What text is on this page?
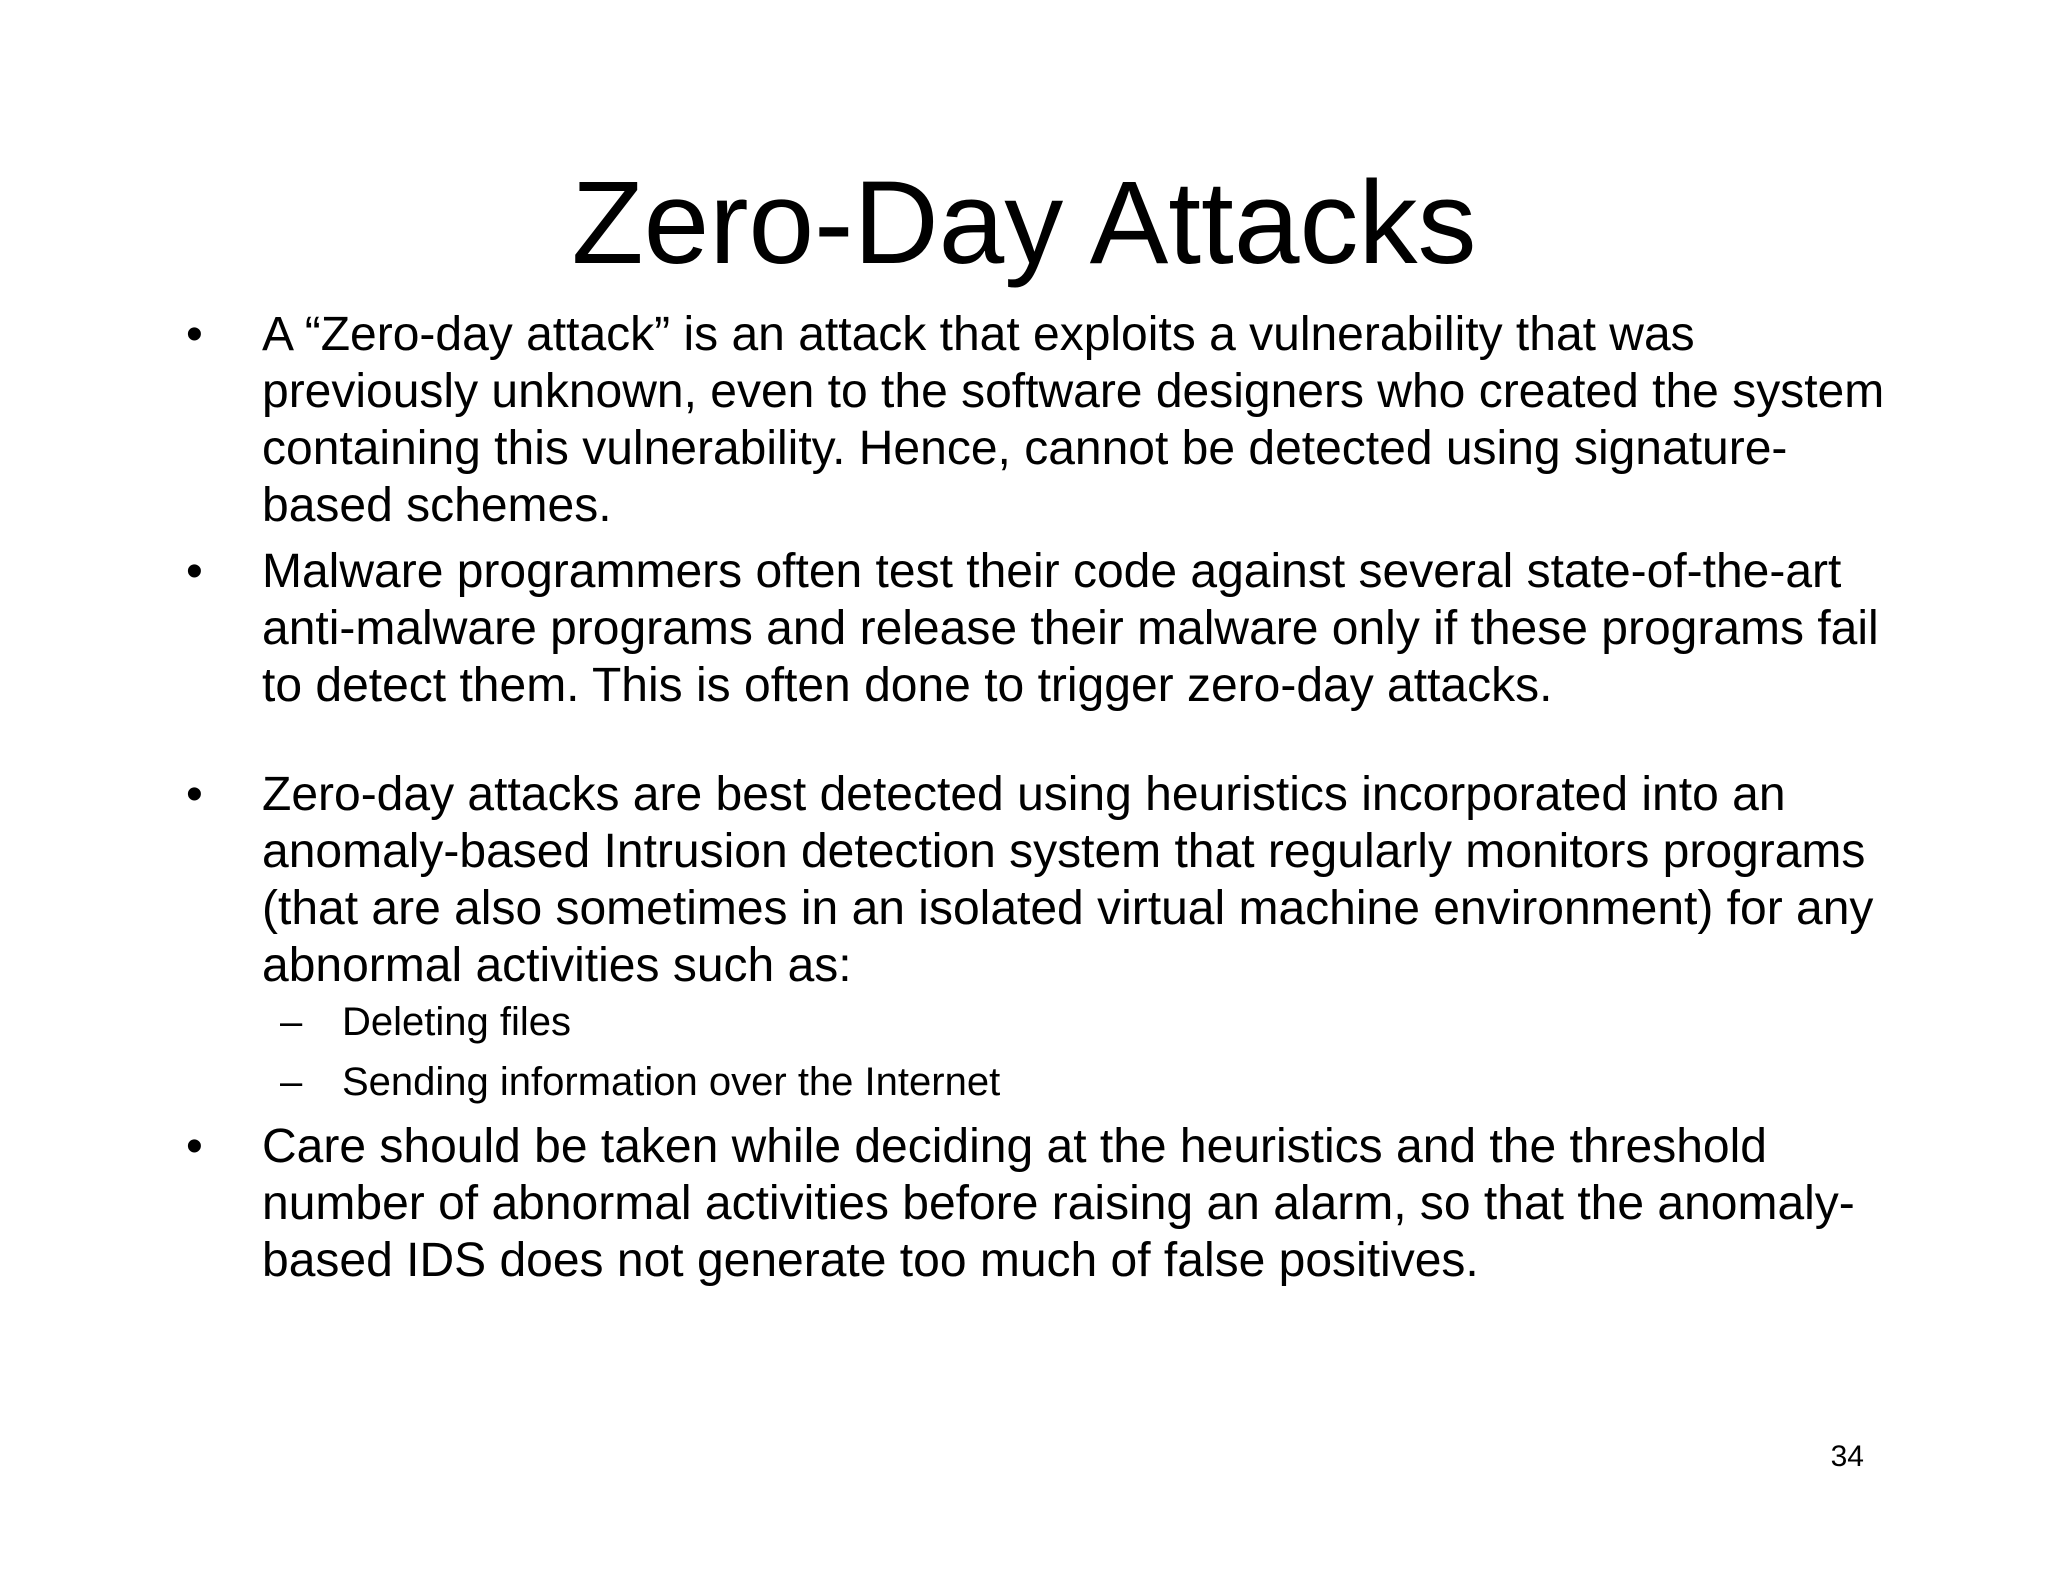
Zero-Day Attacks
•	A “Zero-day attack” is an attack that exploits a vulnerability that was previously unknown, even to the software designers who created the system containing this vulnerability. Hence, cannot be detected using signature-based schemes.
•	Malware programmers often test their code against several state-of-the-art anti-malware programs and release their malware only if these programs fail to detect them. This is often done to trigger zero-day attacks.
•	Zero-day attacks are best detected using heuristics incorporated into an anomaly-based Intrusion detection system that regularly monitors programs (that are also sometimes in an isolated virtual machine environment) for any abnormal activities such as:
– Deleting files
– Sending information over the Internet
•	Care should be taken while deciding at the heuristics and the threshold number of abnormal activities before raising an alarm, so that the anomaly-based IDS does not generate too much of false positives.
34
